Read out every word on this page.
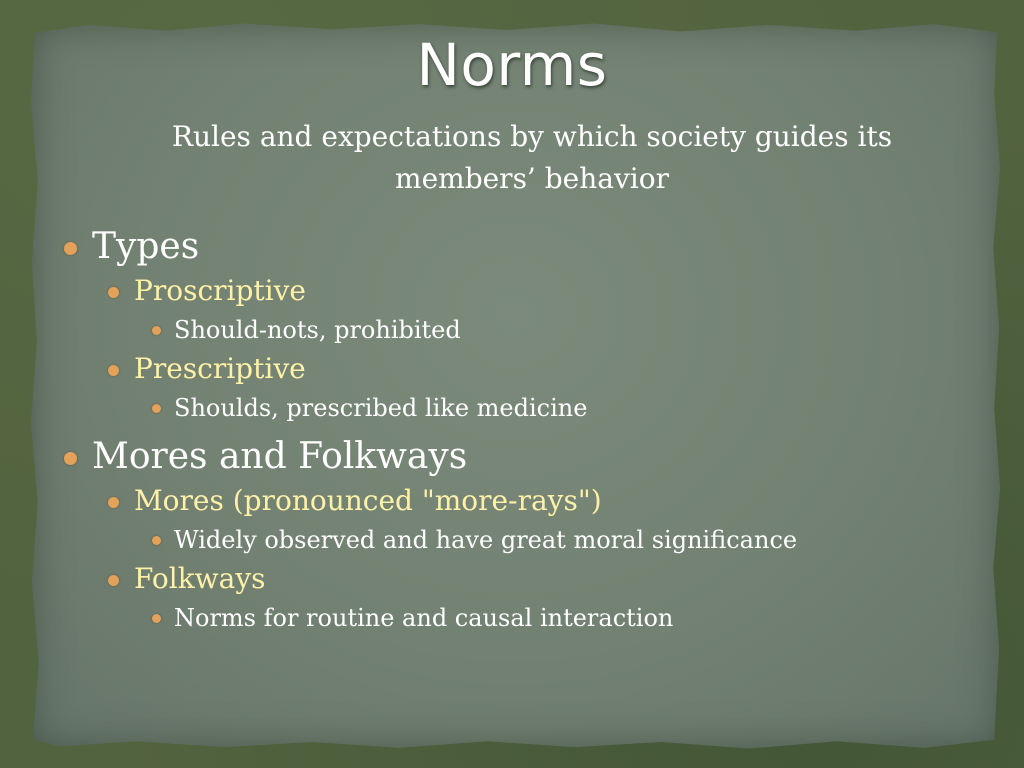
Norms
Rules and expectations by which society guides its
members’ behavior
Types
Proscriptive
Should-nots, prohibited
Prescriptive
Shoulds, prescribed like medicine
Mores and Folkways
Mores (pronounced "more-rays")
Widely observed and have great moral significance
Folkways
Norms for routine and causal interaction
